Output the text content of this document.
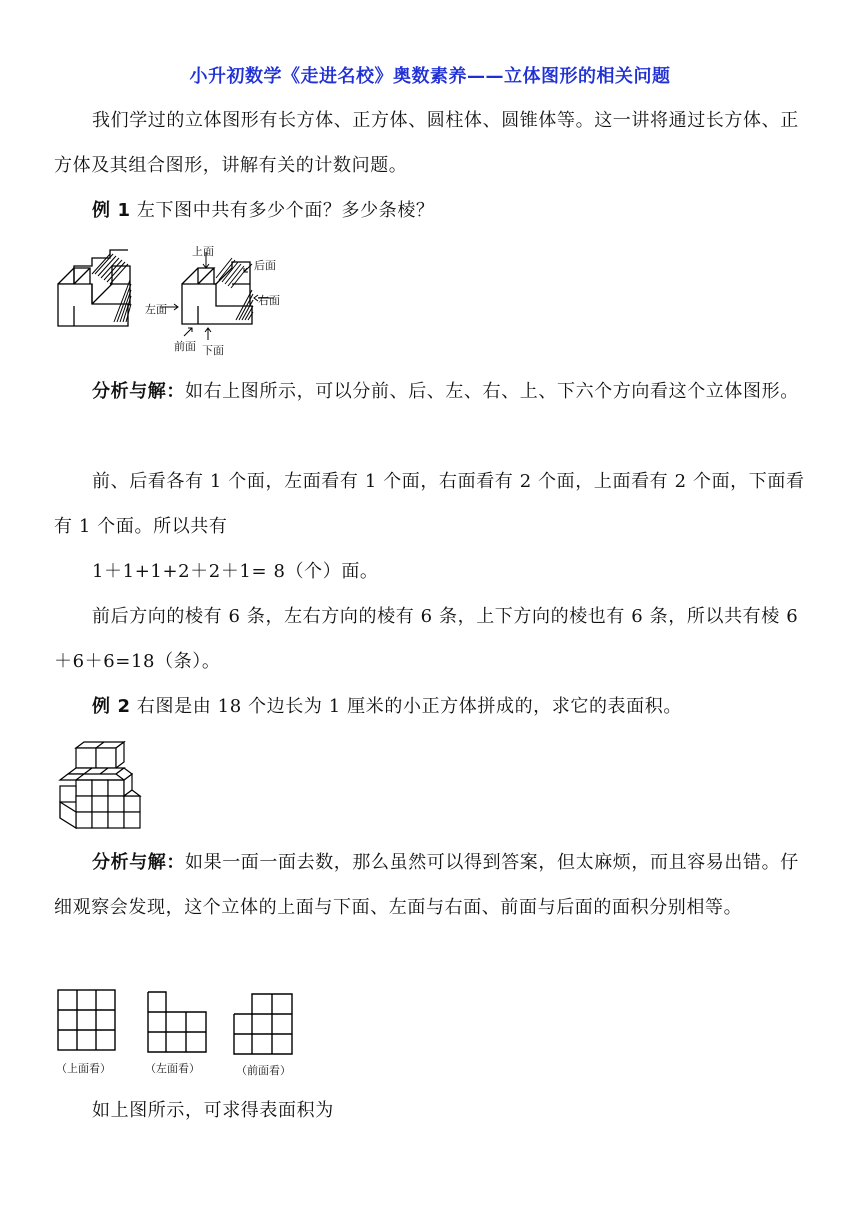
小升初数学《走进名校》奥数素养——立体图形的相关问题

我们学过的立体图形有长方体、正方体、圆柱体、圆锥体等。这一讲将通过长方体、正方体及其组合图形，讲解有关的计数问题。

例 1 左下图中共有多少个面？多少条棱？

上面
后面
左面
右面
前面 下面

分析与解：如右上图所示，可以分前、后、左、右、上、下六个方向看这个立体图形。

前、后看各有 1 个面，左面看有 1 个面，右面看有 2 个面，上面看有 2 个面，下面看有 1 个面。所以共有

1＋1+1+2＋2＋1= 8（个）面。

前后方向的棱有 6 条，左右方向的棱有 6 条，上下方向的棱也有 6 条，所以共有棱 6＋6＋6=18（条）。

例 2 右图是由 18 个边长为 1 厘米的小正方体拼成的，求它的表面积。

分析与解：如果一面一面去数，那么虽然可以得到答案，但太麻烦，而且容易出错。仔细观察会发现，这个立体的上面与下面、左面与右面、前面与后面的面积分别相等。

（上面看）	（左面看）	（前面看）

如上图所示，可求得表面积为
